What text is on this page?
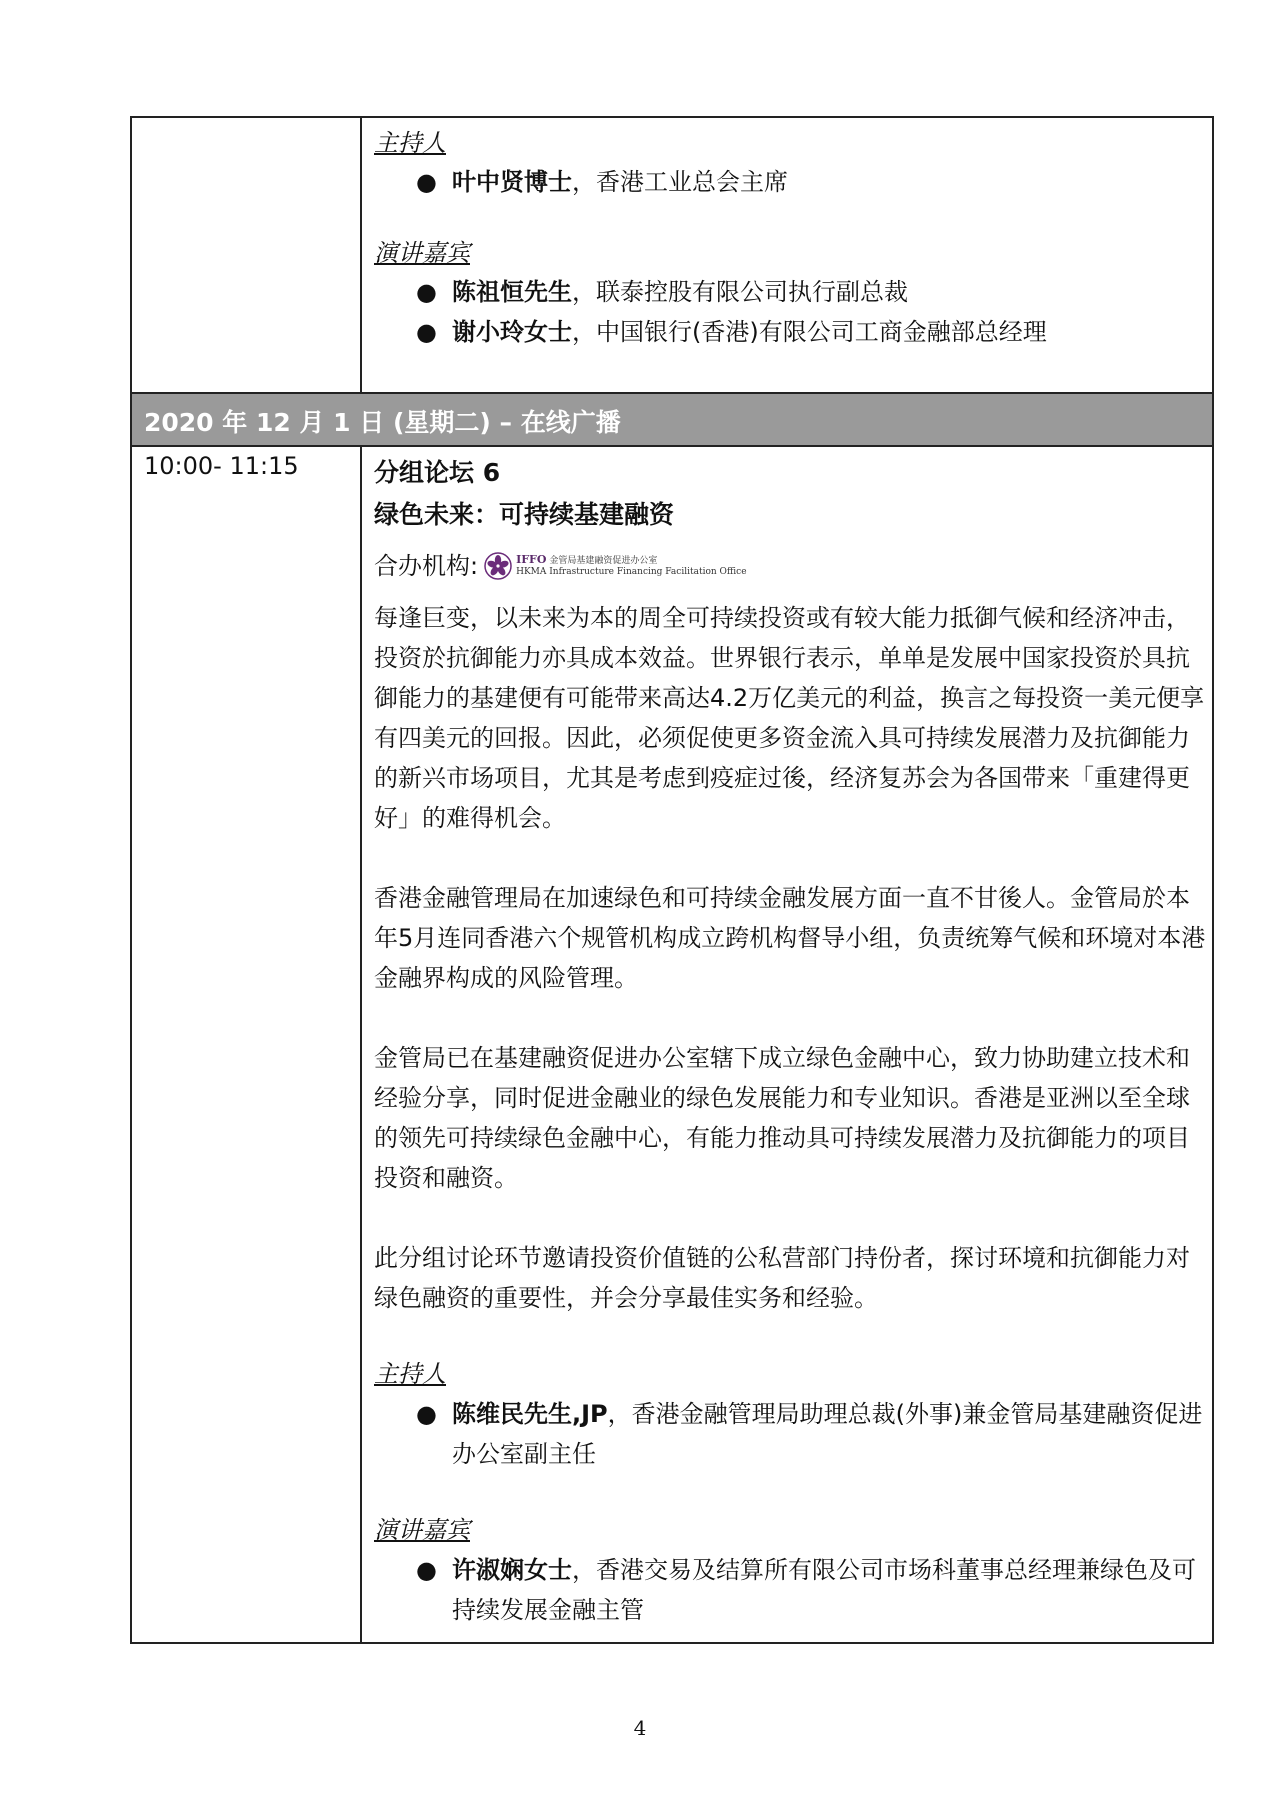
主持人
● 叶中贤博士，香港工业总会主席
演讲嘉宾
● 陈祖恒先生，联泰控股有限公司执行副总裁
● 谢小玲女士，中国银行(香港)有限公司工商金融部总经理
2020 年 12 月 1 日 (星期二) – 在线广播
10:00- 11:15	分组论坛 6
绿色未来：可持续基建融资
合办机构:	IFFO 金管局基建融资促进办公室
HKMA Infrastructure Financing Facilitation Office
每逢巨变，以未来为本的周全可持续投资或有较大能力抵御气候和经济冲击，投资於抗御能力亦具成本效益。世界银行表示，单单是发展中国家投资於具抗御能力的基建便有可能带来高达4.2万亿美元的利益，换言之每投资一美元便享有四美元的回报。因此，必须促使更多资金流入具可持续发展潜力及抗御能力的新兴市场项目，尤其是考虑到疫症过後，经济复苏会为各国带来「重建得更好」的难得机会。
香港金融管理局在加速绿色和可持续金融发展方面一直不甘後人。金管局於本年5月连同香港六个规管机构成立跨机构督导小组，负责统筹气候和环境对本港金融界构成的风险管理。
金管局已在基建融资促进办公室辖下成立绿色金融中心，致力协助建立技术和经验分享，同时促进金融业的绿色发展能力和专业知识。香港是亚洲以至全球的领先可持续绿色金融中心，有能力推动具可持续发展潜力及抗御能力的项目投资和融资。
此分组讨论环节邀请投资价值链的公私营部门持份者，探讨环境和抗御能力对绿色融资的重要性，并会分享最佳实务和经验。
主持人
● 陈维民先生,JP，香港金融管理局助理总裁(外事)兼金管局基建融资促进办公室副主任
演讲嘉宾
● 许淑娴女士，香港交易及结算所有限公司市场科董事总经理兼绿色及可持续发展金融主管
4
